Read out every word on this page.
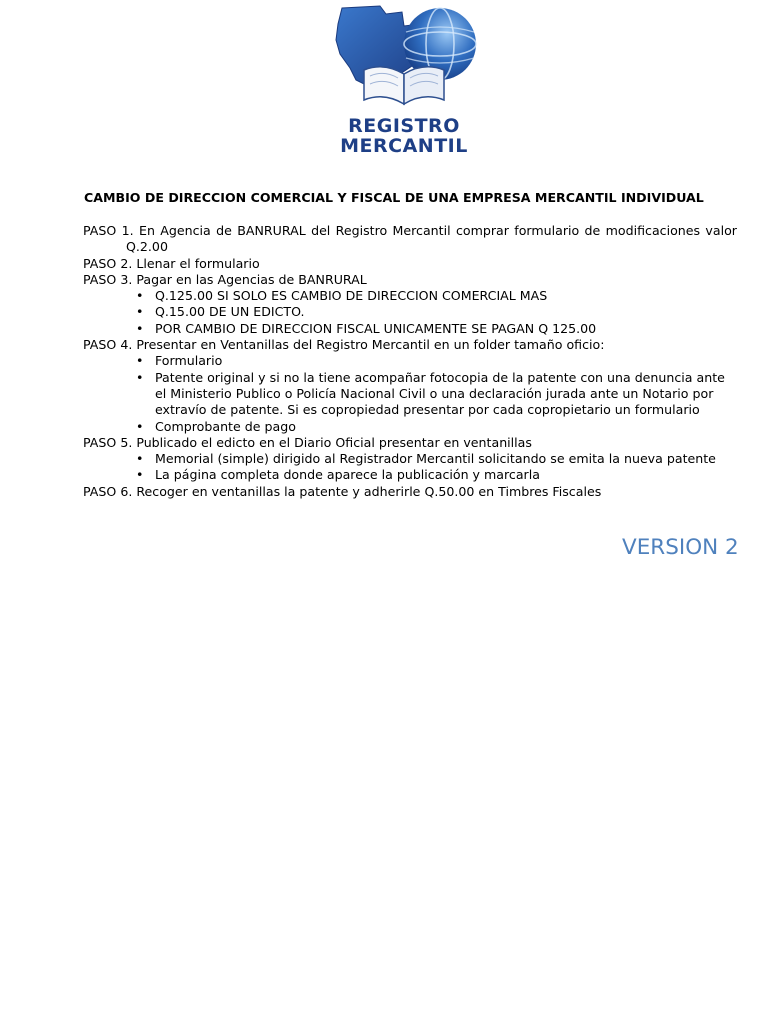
REGISTRO
MERCANTIL
CAMBIO DE DIRECCION COMERCIAL Y FISCAL DE UNA EMPRESA MERCANTIL INDIVIDUAL
PASO 1. En Agencia de BANRURAL del Registro Mercantil comprar formulario de modificaciones valor Q.2.00
PASO 2. Llenar el formulario
PASO 3. Pagar en las Agencias de BANRURAL
• Q.125.00 SI SOLO ES CAMBIO DE DIRECCION COMERCIAL MAS
• Q.15.00 DE UN EDICTO.
• POR CAMBIO DE DIRECCION FISCAL UNICAMENTE SE PAGAN Q 125.00
PASO 4. Presentar en Ventanillas del Registro Mercantil en un folder tamaño oficio:
• Formulario
• Patente original y si no la tiene acompañar fotocopia de la patente con una denuncia ante el Ministerio Publico o Policía Nacional Civil o una declaración jurada ante un Notario por extravío de patente. Si es copropiedad presentar por cada copropietario un formulario
• Comprobante de pago
PASO 5. Publicado el edicto en el Diario Oficial presentar en ventanillas
• Memorial (simple) dirigido al Registrador Mercantil solicitando se emita la nueva patente
• La página completa donde aparece la publicación y marcarla
PASO 6. Recoger en ventanillas la patente y adherirle Q.50.00 en Timbres Fiscales
VERSION 2
